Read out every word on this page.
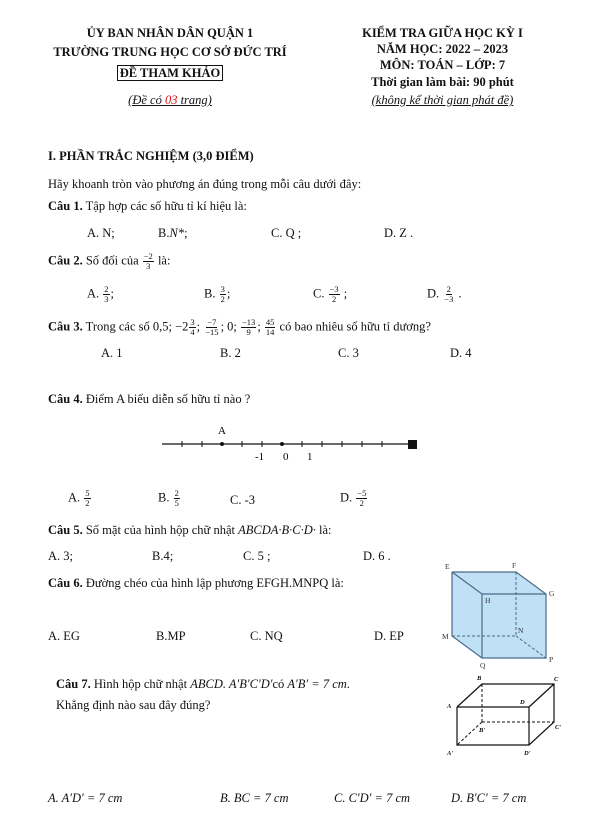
ỦY BAN NHÂN DÂN QUẬN 1
TRƯỜNG TRUNG HỌC CƠ SỞ ĐỨC TRÍ
ĐỀ THAM KHẢO
(Đề có 03 trang)
KIỂM TRA GIỮA HỌC KỲ I
NĂM HỌC: 2022 – 2023
MÔN: TOÁN – LỚP: 7
Thời gian làm bài: 90 phút
(không kể thời gian phát đề)
I. PHẦN TRẮC NGHIỆM (3,0 ĐIỂM)
Hãy khoanh tròn vào phương án đúng trong mỗi câu dưới đây:
Câu 1. Tập hợp các số hữu tỉ kí hiệu là:
A. N;	B.N*;	C. Q ;	D. Z .
Câu 2. Số đối của $\frac{-2}{3}$ là:
A. $\frac{2}{3}$ ;	B. $\frac{3}{2}$ ;	C. $\frac{-3}{2}$ ;	D. $\frac{2}{-3}$ .
Câu 3. Trong các số 0,5; $-2 \frac{3}{4}$ ; $\frac{-7}{-15}$ ; 0; $\frac{-13}{9}$ ; $\frac{45}{14}$ có bao nhiêu số hữu tỉ dương?
A. 1	B. 2	C. 3	D. 4
Câu 4. Điểm A biểu diễn số hữu tỉ nào ?
A
-1 0 1
A. $\frac{5}{2}$	B. $\frac{2}{5}$	C. -3	D. $\frac{-5}{2}$
Câu 5. Số mặt của hình hộp chữ nhật ABCDA·B·C·D· là:
A. 3;	B.4;	C. 5 ;	D. 6 .
Câu 6. Đường chéo của hình lập phương EFGH.MNPQ là:
A. EG	B.MP	C. NQ	D. EP
E	F
G
H
M
N
P
Q
Câu 7. Hình hộp chữ nhật ABCD. A′B′C′D′có A′B′ = 7 cm.
Khẳng định nào sau đây đúng?
B	C
A
D
B'	C'
A'	D'
A. A′D′ = 7 cm	B. BC = 7 cm	C. C′D′ = 7 cm	D. B′C′ = 7 cm
